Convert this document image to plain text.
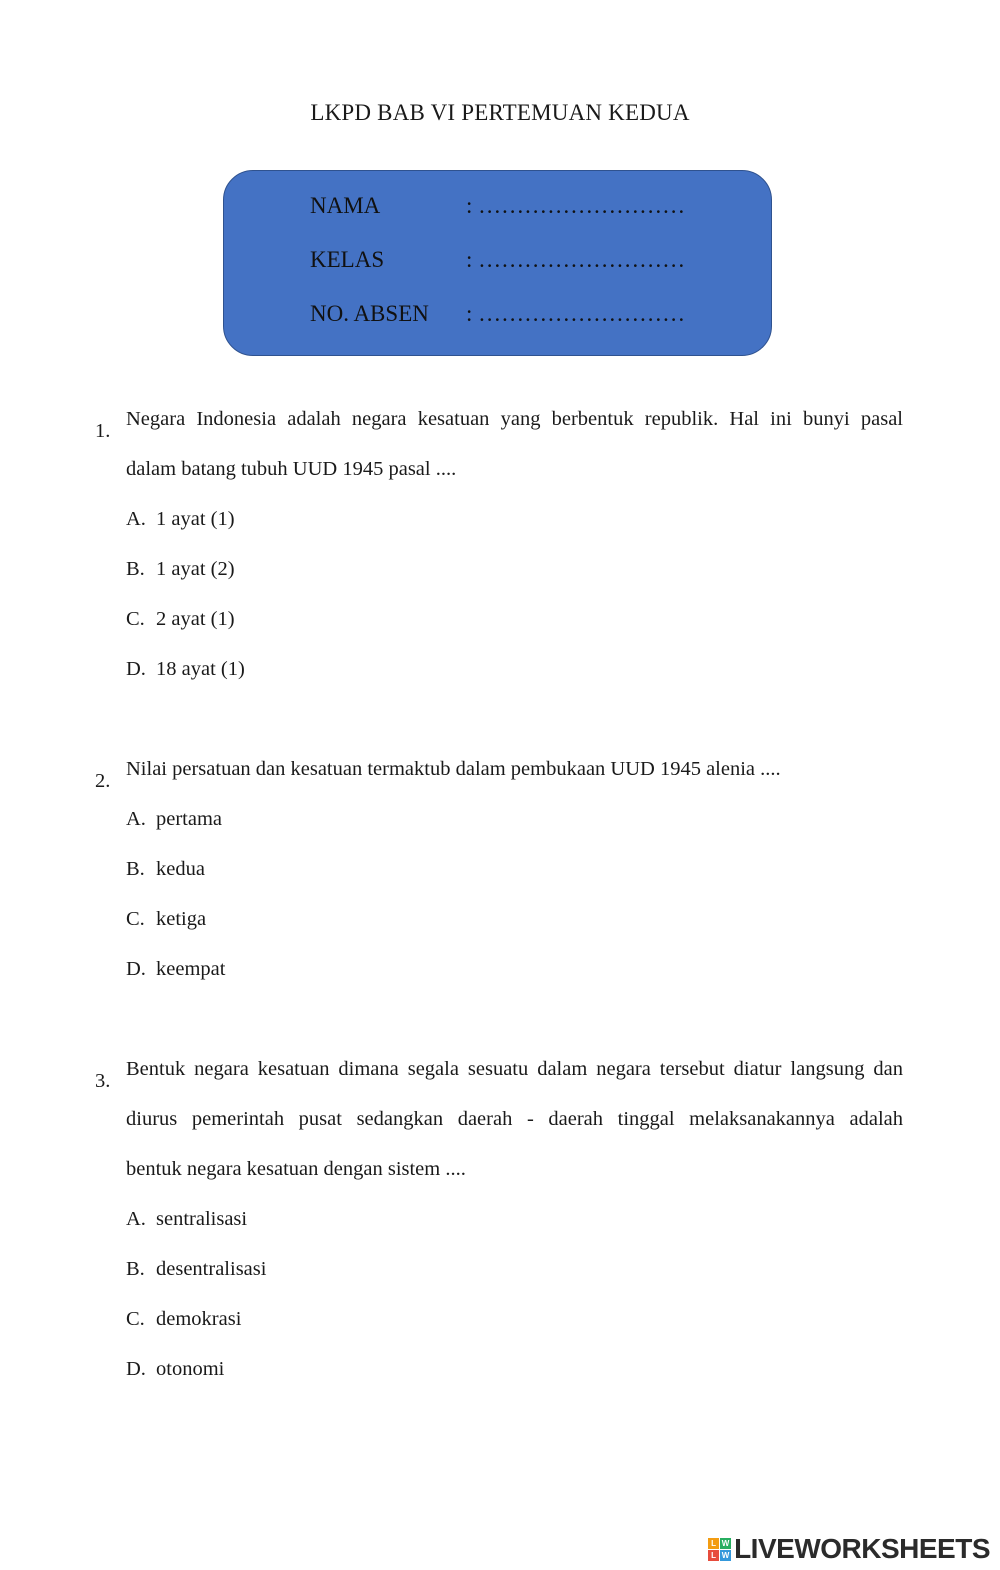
LKPD BAB VI PERTEMUAN KEDUA
NAMA	: ………………………
KELAS	: ………………………
NO. ABSEN : ………………………
1.
Negara Indonesia adalah negara kesatuan yang berbentuk republik. Hal ini bunyi pasal
dalam batang tubuh UUD 1945 pasal ....
A. 1 ayat (1)
B. 1 ayat (2)
C. 2 ayat (1)
D. 18 ayat (1)
2.
Nilai persatuan dan kesatuan termaktub dalam pembukaan UUD 1945 alenia ....
A. pertama
B. kedua
C. ketiga
D. keempat
3.
Bentuk negara kesatuan dimana segala sesuatu dalam negara tersebut diatur langsung dan
diurus pemerintah pusat sedangkan daerah - daerah tinggal melaksanakannya adalah
bentuk negara kesatuan dengan sistem ....
A. sentralisasi
B. desentralisasi
C. demokrasi
D. otonomi
L W
L W LIVEWORKSHEETS
